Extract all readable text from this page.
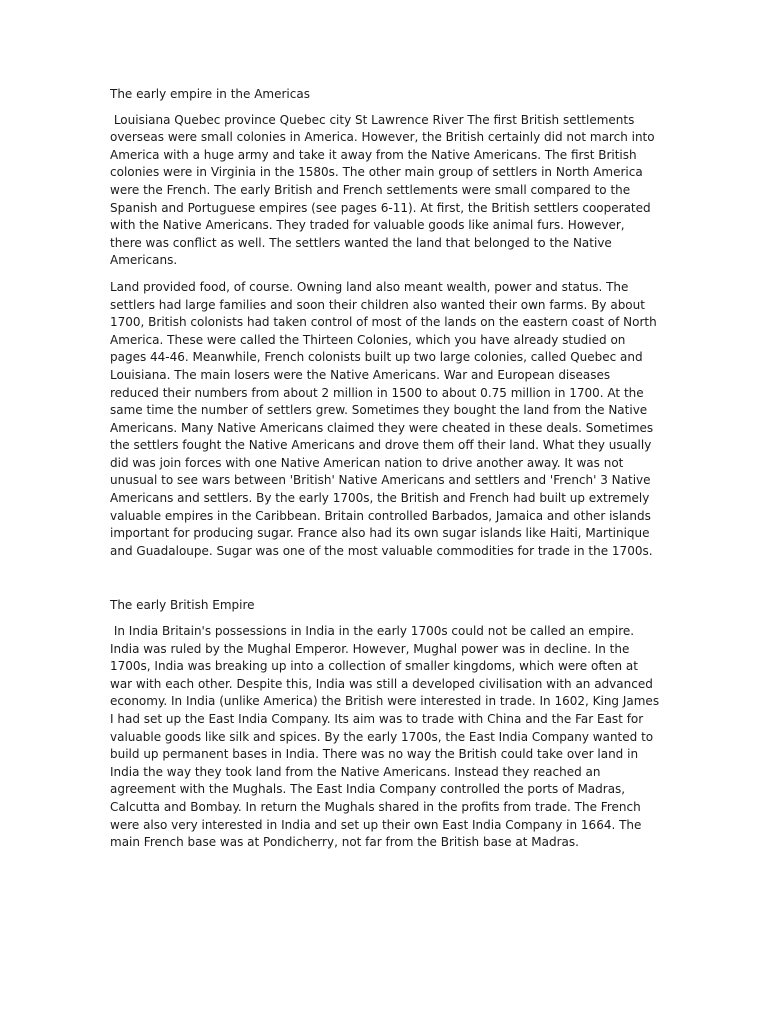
The early empire in the Americas

Louisiana Quebec province Quebec city St Lawrence River The first British settlements overseas were small colonies in America. However, the British certainly did not march into America with a huge army and take it away from the Native Americans. The first British colonies were in Virginia in the 1580s. The other main group of settlers in North America were the French. The early British and French settlements were small compared to the Spanish and Portuguese empires (see pages 6-11). At first, the British settlers cooperated with the Native Americans. They traded for valuable goods like animal furs. However, there was conflict as well. The settlers wanted the land that belonged to the Native Americans.

Land provided food, of course. Owning land also meant wealth, power and status. The settlers had large families and soon their children also wanted their own farms. By about 1700, British colonists had taken control of most of the lands on the eastern coast of North America. These were called the Thirteen Colonies, which you have already studied on pages 44-46. Meanwhile, French colonists built up two large colonies, called Quebec and Louisiana. The main losers were the Native Americans. War and European diseases reduced their numbers from about 2 million in 1500 to about 0.75 million in 1700. At the same time the number of settlers grew. Sometimes they bought the land from the Native Americans. Many Native Americans claimed they were cheated in these deals. Sometimes the settlers fought the Native Americans and drove them off their land. What they usually did was join forces with one Native American nation to drive another away. It was not unusual to see wars between 'British' Native Americans and settlers and 'French' 3 Native Americans and settlers. By the early 1700s, the British and French had built up extremely valuable empires in the Caribbean. Britain controlled Barbados, Jamaica and other islands important for producing sugar. France also had its own sugar islands like Haiti, Martinique and Guadaloupe. Sugar was one of the most valuable commodities for trade in the 1700s.

The early British Empire

In India Britain's possessions in India in the early 1700s could not be called an empire. India was ruled by the Mughal Emperor. However, Mughal power was in decline. In the 1700s, India was breaking up into a collection of smaller kingdoms, which were often at war with each other. Despite this, India was still a developed civilisation with an advanced economy. In India (unlike America) the British were interested in trade. In 1602, King James I had set up the East India Company. Its aim was to trade with China and the Far East for valuable goods like silk and spices. By the early 1700s, the East India Company wanted to build up permanent bases in India. There was no way the British could take over land in India the way they took land from the Native Americans. Instead they reached an agreement with the Mughals. The East India Company controlled the ports of Madras, Calcutta and Bombay. In return the Mughals shared in the profits from trade. The French were also very interested in India and set up their own East India Company in 1664. The main French base was at Pondicherry, not far from the British base at Madras.
